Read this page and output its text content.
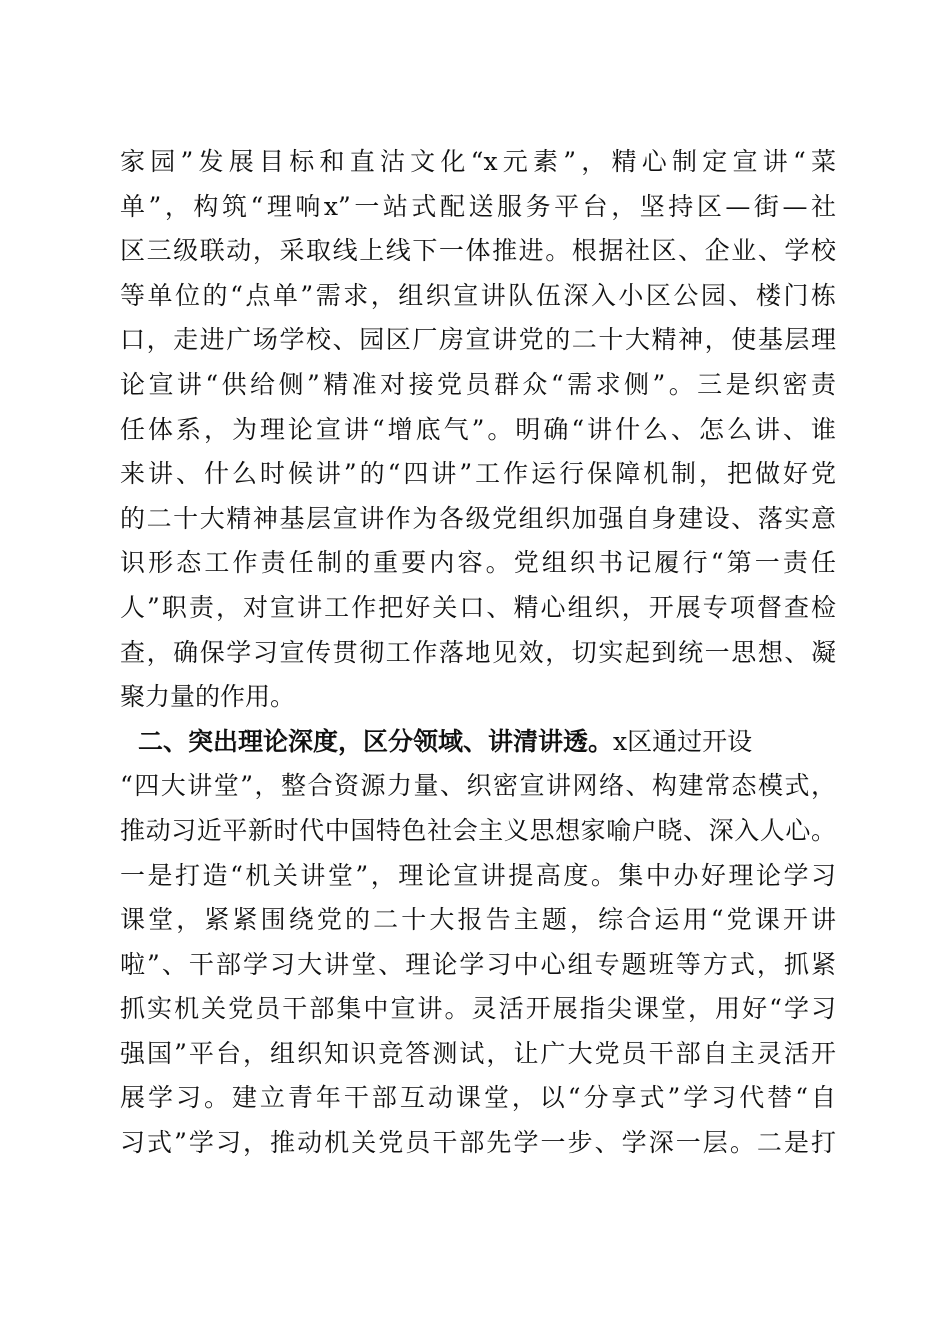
家园”发展目标和直沽文化“x元素”，精心制定宣讲“菜
单”，构筑“理响x”一站式配送服务平台，坚持区—街—社
区三级联动，采取线上线下一体推进。根据社区、企业、学校
等单位的“点单”需求，组织宣讲队伍深入小区公园、楼门栋
口，走进广场学校、园区厂房宣讲党的二十大精神，使基层理
论宣讲“供给侧”精准对接党员群众“需求侧”。三是织密责
任体系，为理论宣讲“增底气”。明确“讲什么、怎么讲、谁
来讲、什么时候讲”的“四讲”工作运行保障机制，把做好党
的二十大精神基层宣讲作为各级党组织加强自身建设、落实意
识形态工作责任制的重要内容。党组织书记履行“第一责任
人”职责，对宣讲工作把好关口、精心组织，开展专项督查检
查，确保学习宣传贯彻工作落地见效，切实起到统一思想、凝
聚力量的作用。
二、突出理论深度，区分领域、讲清讲透。x区通过开设
“四大讲堂”，整合资源力量、织密宣讲网络、构建常态模式，
推动习近平新时代中国特色社会主义思想家喻户晓、深入人心。
一是打造“机关讲堂”，理论宣讲提高度。集中办好理论学习
课堂，紧紧围绕党的二十大报告主题，综合运用“党课开讲
啦”、干部学习大讲堂、理论学习中心组专题班等方式，抓紧
抓实机关党员干部集中宣讲。灵活开展指尖课堂，用好“学习
强国”平台，组织知识竞答测试，让广大党员干部自主灵活开
展学习。建立青年干部互动课堂，以“分享式”学习代替“自
习式”学习，推动机关党员干部先学一步、学深一层。二是打
